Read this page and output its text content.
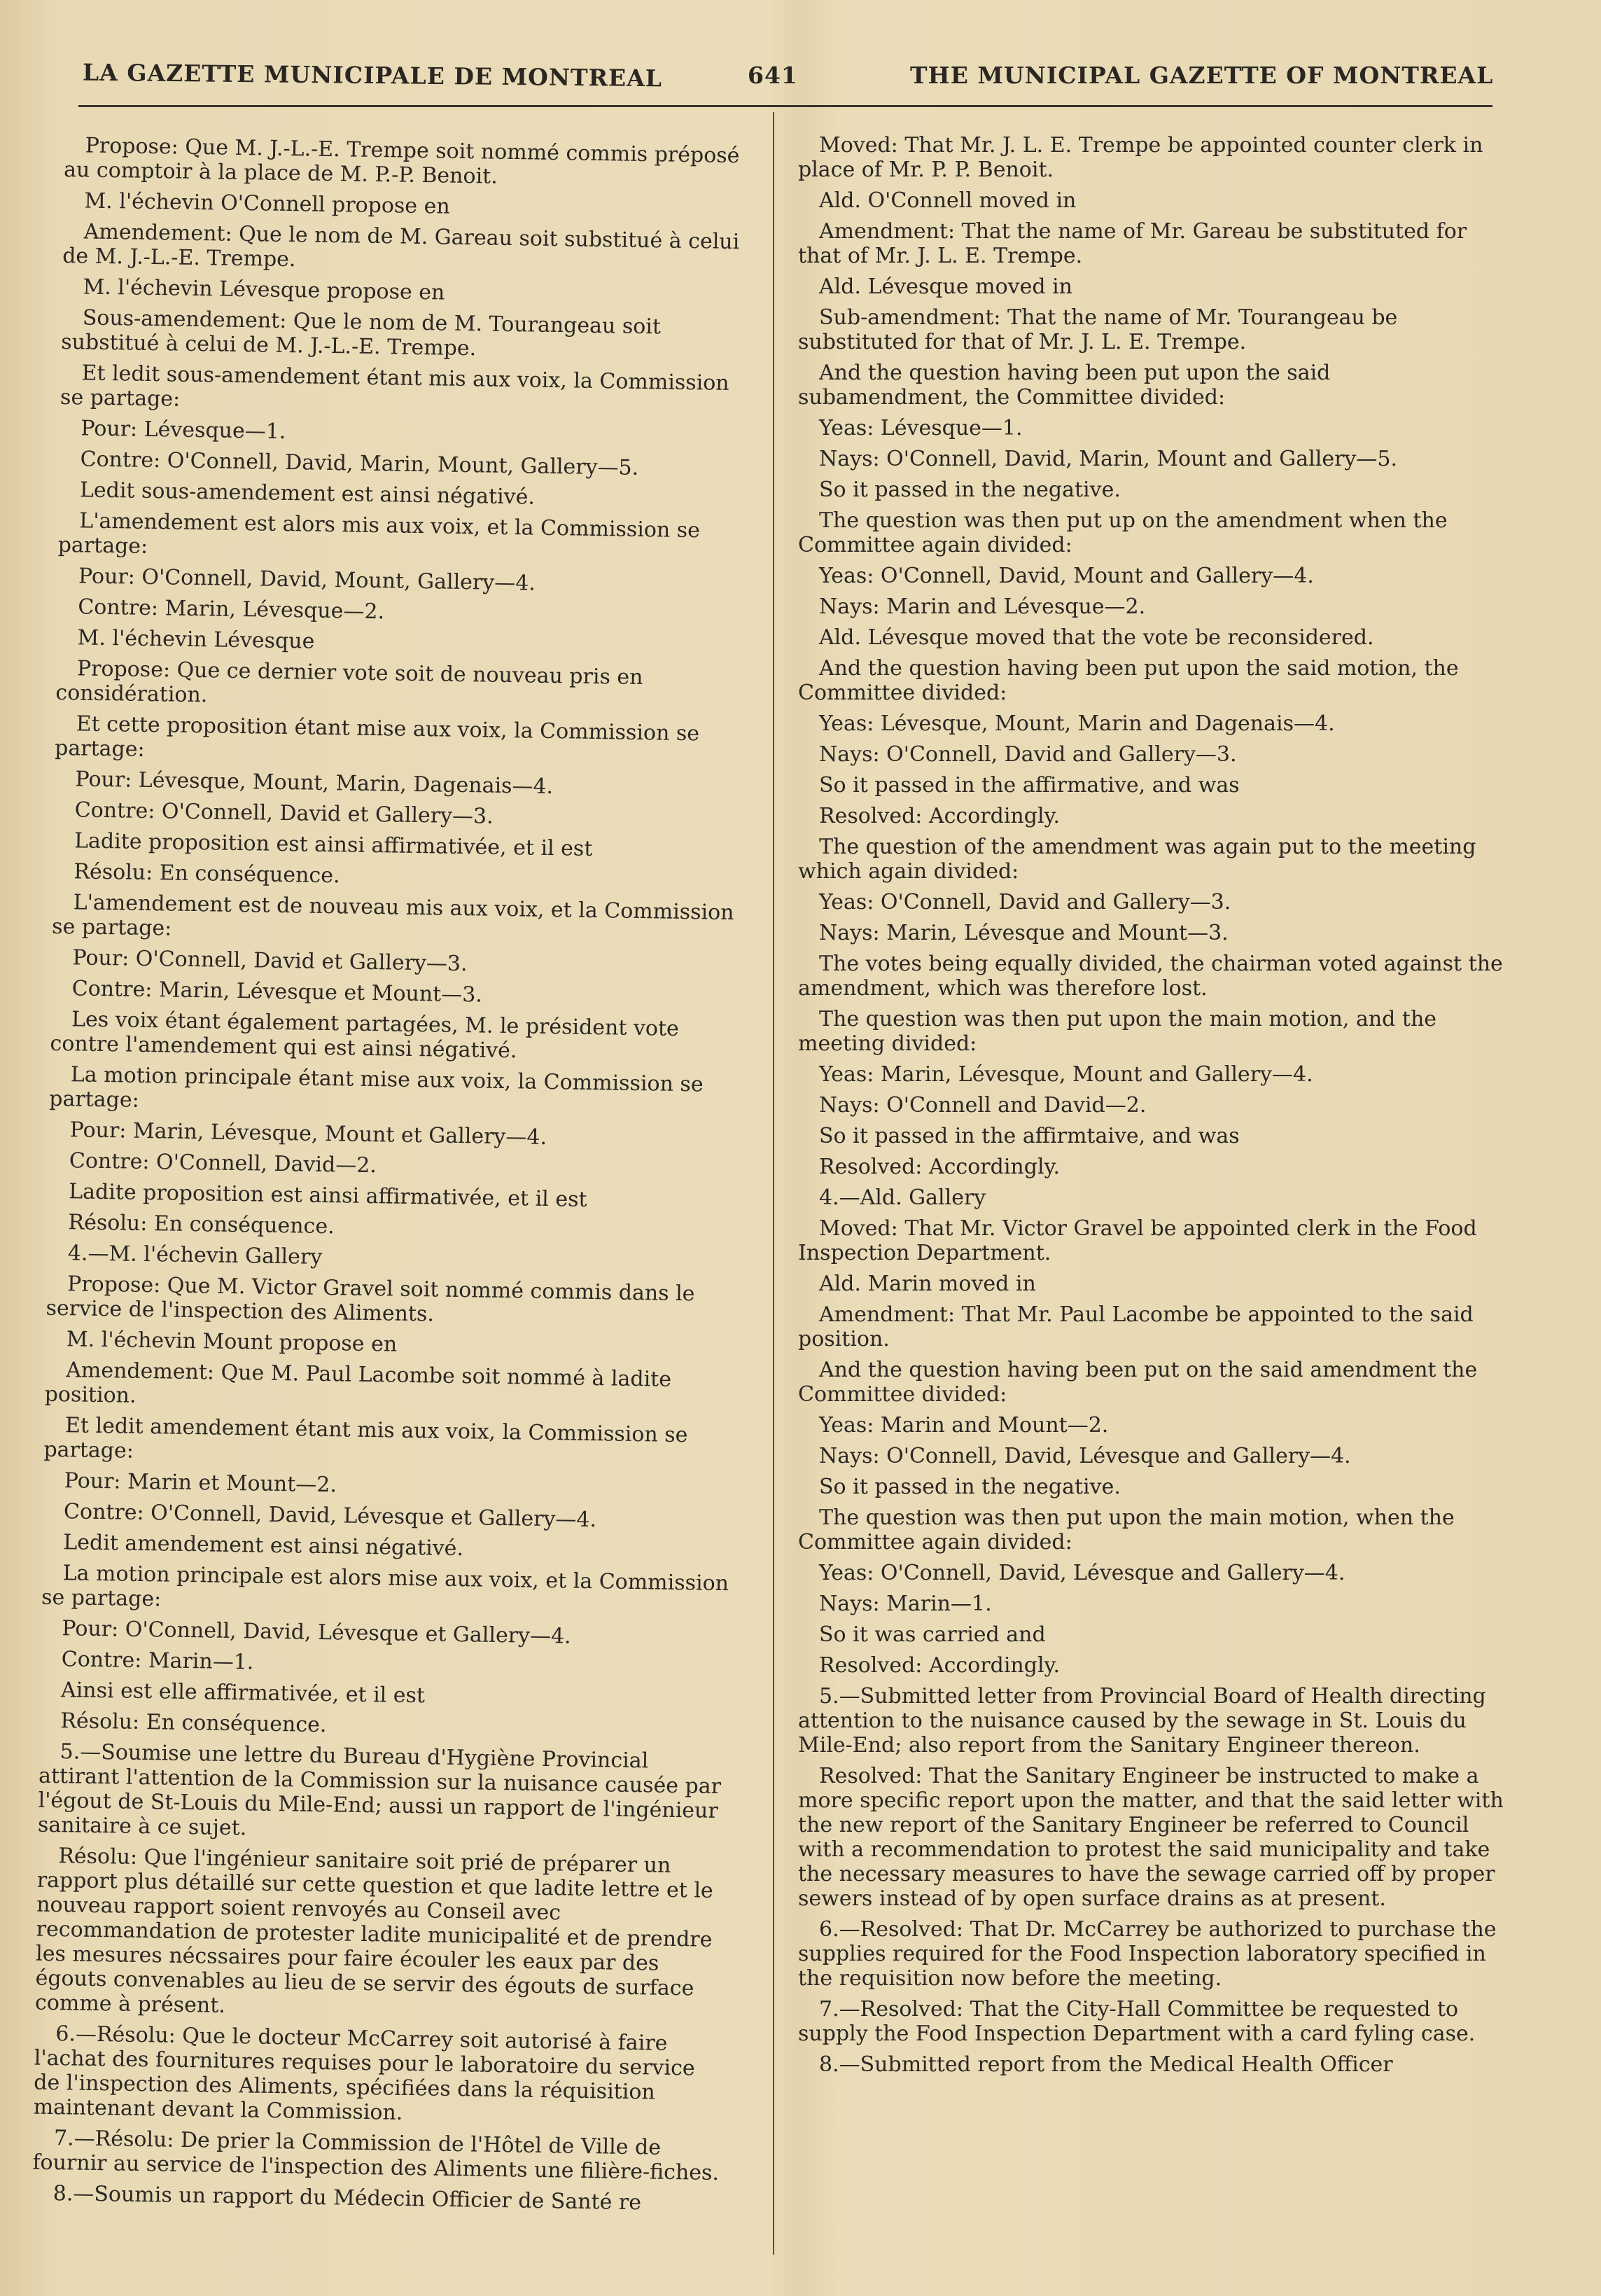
LA GAZETTE MUNICIPALE DE MONTREAL	641	THE MUNICIPAL GAZETTE OF MONTREAL

Propose: Que M. J.-L.-E. Trempe soit nommé commis préposé au comptoir à la place de M. P.-P. Benoit.

M. l'échevin O'Connell propose en

Amendement: Que le nom de M. Gareau soit substitué à celui de M. J.-L.-E. Trempe.

M. l'échevin Lévesque propose en

Sous-amendement: Que le nom de M. Tourangeau soit substitué à celui de M. J.-L.-E. Trempe.

Et ledit sous-amendement étant mis aux voix, la Commission se partage:

Pour: Lévesque—1.

Contre: O'Connell, David, Marin, Mount, Gallery—5.

Ledit sous-amendement est ainsi négativé.

L'amendement est alors mis aux voix, et la Commission se partage:

Pour: O'Connell, David, Mount, Gallery—4.

Contre: Marin, Lévesque—2.

M. l'échevin Lévesque

Propose: Que ce dernier vote soit de nouveau pris en considération.

Et cette proposition étant mise aux voix, la Commission se partage:

Pour: Lévesque, Mount, Marin, Dagenais—4.

Contre: O'Connell, David et Gallery—3.

Ladite proposition est ainsi affirmativée, et il est

Résolu: En conséquence.

L'amendement est de nouveau mis aux voix, et la Commission se partage:

Pour: O'Connell, David et Gallery—3.

Contre: Marin, Lévesque et Mount—3.

Les voix étant également partagées, M. le président vote contre l'amendement qui est ainsi négativé.

La motion principale étant mise aux voix, la Commission se partage:

Pour: Marin, Lévesque, Mount et Gallery—4.

Contre: O'Connell, David—2.

Ladite proposition est ainsi affirmativée, et il est

Résolu: En conséquence.

4.—M. l'échevin Gallery

Propose: Que M. Victor Gravel soit nommé commis dans le service de l'inspection des Aliments.

M. l'échevin Mount propose en

Amendement: Que M. Paul Lacombe soit nommé à ladite position.

Et ledit amendement étant mis aux voix, la Commission se partage:

Pour: Marin et Mount—2.

Contre: O'Connell, David, Lévesque et Gallery—4.

Ledit amendement est ainsi négativé.

La motion principale est alors mise aux voix, et la Commission se partage:

Pour: O'Connell, David, Lévesque et Gallery—4.

Contre: Marin—1.

Ainsi est elle affirmativée, et il est

Résolu: En conséquence.

5.—Soumise une lettre du Bureau d'Hygiène Provincial attirant l'attention de la Commission sur la nuisance causée par l'égout de St-Louis du Mile-End; aussi un rapport de l'ingénieur sanitaire à ce sujet.

Résolu: Que l'ingénieur sanitaire soit prié de préparer un rapport plus détaillé sur cette question et que ladite lettre et le nouveau rapport soient renvoyés au Conseil avec recommandation de protester ladite municipalité et de prendre les mesures nécssaires pour faire écouler les eaux par des égouts convenables au lieu de se servir des égouts de surface comme à présent.

6.—Résolu: Que le docteur McCarrey soit autorisé à faire l'achat des fournitures requises pour le laboratoire du service de l'inspection des Aliments, spécifiées dans la réquisition maintenant devant la Commission.

7.—Résolu: De prier la Commission de l'Hôtel de Ville de fournir au service de l'inspection des Aliments une filière-fiches.

8.—Soumis un rapport du Médecin Officier de Santé re

Moved: That Mr. J. L. E. Trempe be appointed counter clerk in place of Mr. P. P. Benoit.

Ald. O'Connell moved in

Amendment: That the name of Mr. Gareau be substituted for that of Mr. J. L. E. Trempe.

Ald. Lévesque moved in

Sub-amendment: That the name of Mr. Tourangeau be substituted for that of Mr. J. L. E. Trempe.

And the question having been put upon the said subamendment, the Committee divided:

Yeas: Lévesque—1.

Nays: O'Connell, David, Marin, Mount and Gallery—5.

So it passed in the negative.

The question was then put up on the amendment when the Committee again divided:

Yeas: O'Connell, David, Mount and Gallery—4.

Nays: Marin and Lévesque—2.

Ald. Lévesque moved that the vote be reconsidered.

And the question having been put upon the said motion, the Committee divided:

Yeas: Lévesque, Mount, Marin and Dagenais—4.

Nays: O'Connell, David and Gallery—3.

So it passed in the affirmative, and was

Resolved: Accordingly.

The question of the amendment was again put to the meeting which again divided:

Yeas: O'Connell, David and Gallery—3.

Nays: Marin, Lévesque and Mount—3.

The votes being equally divided, the chairman voted against the amendment, which was therefore lost.

The question was then put upon the main motion, and the meeting divided:

Yeas: Marin, Lévesque, Mount and Gallery—4.

Nays: O'Connell and David—2.

So it passed in the affirmtaive, and was

Resolved: Accordingly.

4.—Ald. Gallery

Moved: That Mr. Victor Gravel be appointed clerk in the Food Inspection Department.

Ald. Marin moved in

Amendment: That Mr. Paul Lacombe be appointed to the said position.

And the question having been put on the said amendment the Committee divided:

Yeas: Marin and Mount—2.

Nays: O'Connell, David, Lévesque and Gallery—4.

So it passed in the negative.

The question was then put upon the main motion, when the Committee again divided:

Yeas: O'Connell, David, Lévesque and Gallery—4.

Nays: Marin—1.

So it was carried and

Resolved: Accordingly.

5.—Submitted letter from Provincial Board of Health directing attention to the nuisance caused by the sewage in St. Louis du Mile-End; also report from the Sanitary Engineer thereon.

Resolved: That the Sanitary Engineer be instructed to make a more specific report upon the matter, and that the said letter with the new report of the Sanitary Engineer be referred to Council with a recommendation to protest the said municipality and take the necessary measures to have the sewage carried off by proper sewers instead of by open surface drains as at present.

6.—Resolved: That Dr. McCarrey be authorized to purchase the supplies required for the Food Inspection laboratory specified in the requisition now before the meeting.

7.—Resolved: That the City-Hall Committee be requested to supply the Food Inspection Department with a card fyling case.

8.—Submitted report from the Medical Health Officer
